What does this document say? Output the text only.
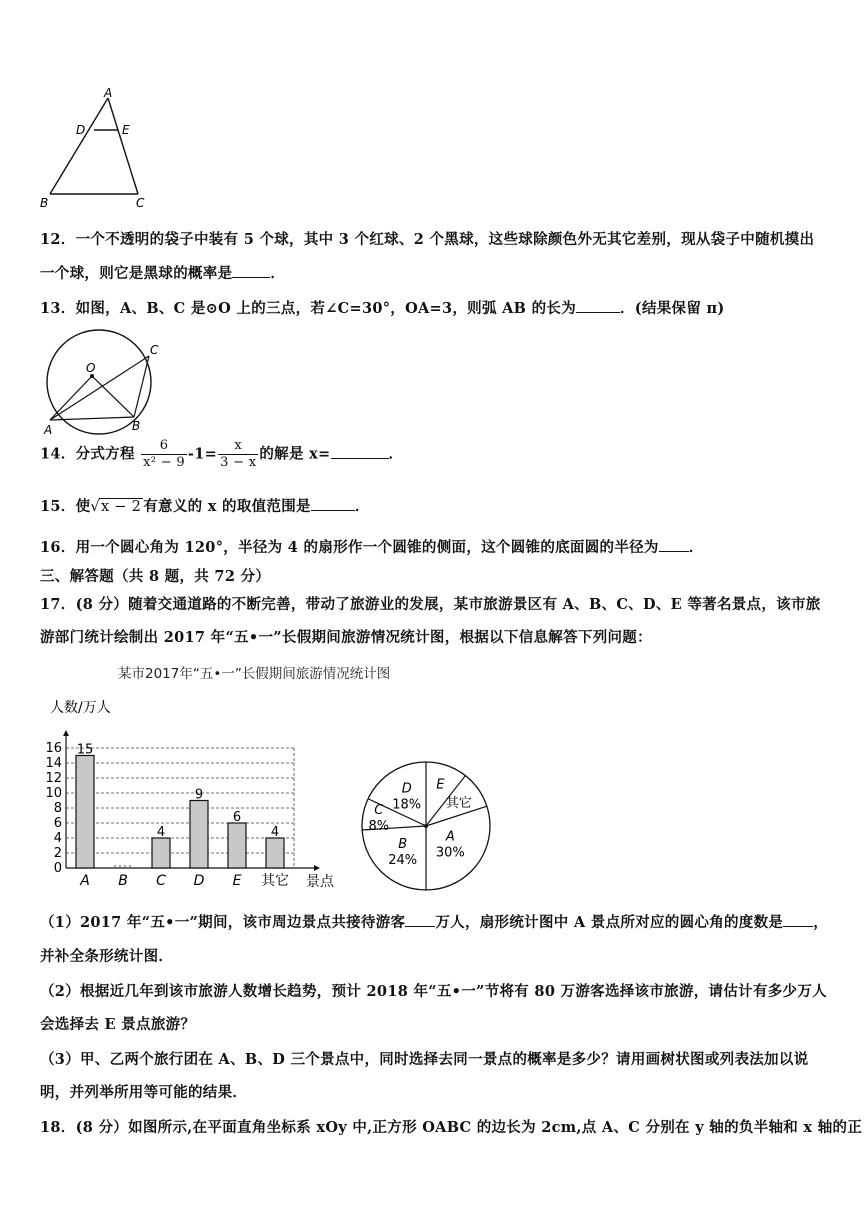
A
D	E
B	C
12．一个不透明的袋子中装有 5 个球，其中 3 个红球、2 个黑球，这些球除颜色外无其它差别，现从袋子中随机摸出
一个球，则它是黑球的概率是	．
13．如图，A、B、C 是⊙O 上的三点，若∠C=30°，OA=3，则弧 AB 的长为	．(结果保留 π)
O
C
A	B
14．分式方程 $\frac{6}{\text{x² − 9}} -1= \frac{x}{3 - x}$ 的解是 x=	．
15．使√x − 2 有意义的 x 的取值范围是	．
16．用一个圆心角为 120°，半径为 4 的扇形作一个圆锥的侧面，这个圆锥的底面圆的半径为 ．
三、解答题（共 8 题，共 72 分）
17．(8 分）随着交通道路的不断完善，带动了旅游业的发展，某市旅游景区有 A、B、C、D、E 等著名景点，该市旅
游部门统计绘制出 2017 年“五•一”长假期间旅游情况统计图，根据以下信息解答下列问题：
某市2017年“五•一”长假期间旅游情况统计图
人数/万人
景点
0
2
4
6
8
10
12
14
16 15
A B
4
C
9
D
6
E
4
其它
A
30%
B
24%
C
8%
D
18%
E
其它
（1）2017 年“五•一”期间，该市周边景点共接待游客 万人，扇形统计图中 A 景点所对应的圆心角的度数是 ，
并补全条形统计图．
（2）根据近几年到该市旅游人数增长趋势，预计 2018 年“五•一”节将有 80 万游客选择该市旅游，请估计有多少万人
会选择去 E 景点旅游？
（3）甲、乙两个旅行团在 A、B、D 三个景点中，同时选择去同一景点的概率是多少？请用画树状图或列表法加以说
明，并列举所用等可能的结果．
18．(8 分）如图所示,在平面直角坐标系 xOy 中,正方形 OABC 的边长为 2cm,点 A、C 分别在 y 轴的负半轴和 x 轴的正
